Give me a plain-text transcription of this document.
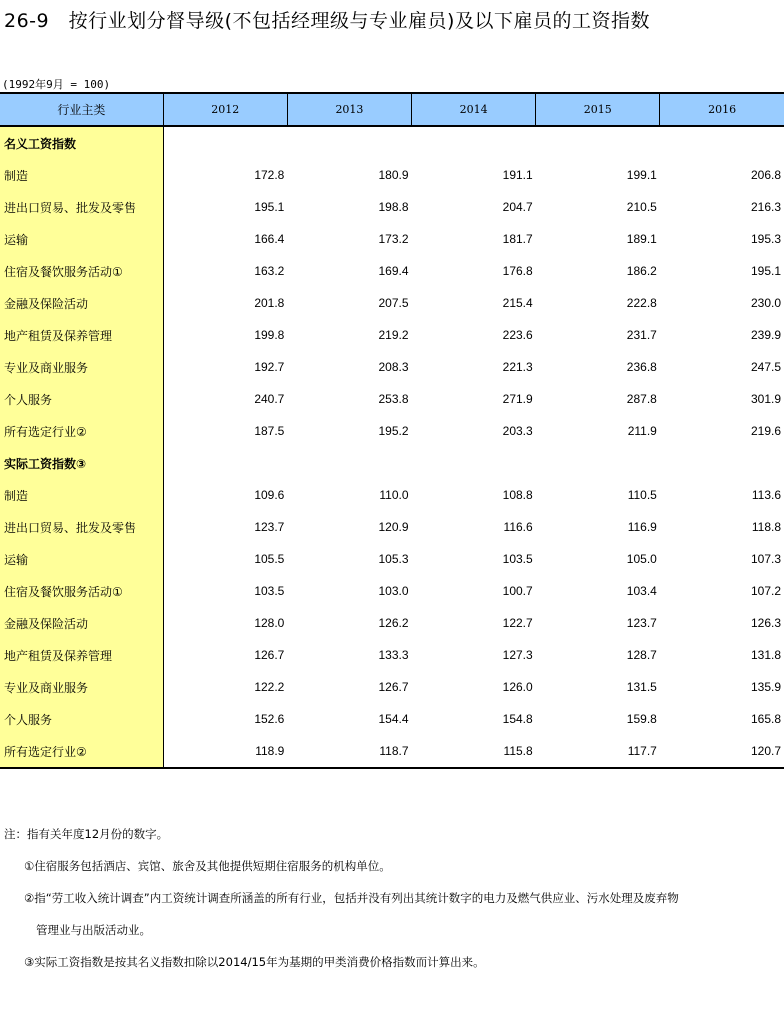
26-9　按行业划分督导级(不包括经理级与专业雇员)及以下雇员的工资指数
(1992年9月 = 100)
行业主类	2012	2013	2014	2015	2016
名义工资指数					
制造	172.8	180.9	191.1	199.1	206.8
进出口贸易、批发及零售	195.1	198.8	204.7	210.5	216.3
运输	166.4	173.2	181.7	189.1	195.3
住宿及餐饮服务活动①	163.2	169.4	176.8	186.2	195.1
金融及保险活动	201.8	207.5	215.4	222.8	230.0
地产租赁及保养管理	199.8	219.2	223.6	231.7	239.9
专业及商业服务	192.7	208.3	221.3	236.8	247.5
个人服务	240.7	253.8	271.9	287.8	301.9
所有选定行业②	187.5	195.2	203.3	211.9	219.6
实际工资指数③					
制造	109.6	110.0	108.8	110.5	113.6
进出口贸易、批发及零售	123.7	120.9	116.6	116.9	118.8
运输	105.5	105.3	103.5	105.0	107.3
住宿及餐饮服务活动①	103.5	103.0	100.7	103.4	107.2
金融及保险活动	128.0	126.2	122.7	123.7	126.3
地产租赁及保养管理	126.7	133.3	127.3	128.7	131.8
专业及商业服务	122.2	126.7	126.0	131.5	135.9
个人服务	152.6	154.4	154.8	159.8	165.8
所有选定行业②	118.9	118.7	115.8	117.7	120.7
注：指有关年度12月份的数字。
①住宿服务包括酒店、宾馆、旅舍及其他提供短期住宿服务的机构单位。
②指“劳工收入统计调查”内工资统计调查所涵盖的所有行业，包括并没有列出其统计数字的电力及燃气供应业、污水处理及废弃物
管理业与出版活动业。
③实际工资指数是按其名义指数扣除以2014/15年为基期的甲类消费价格指数而计算出来。
